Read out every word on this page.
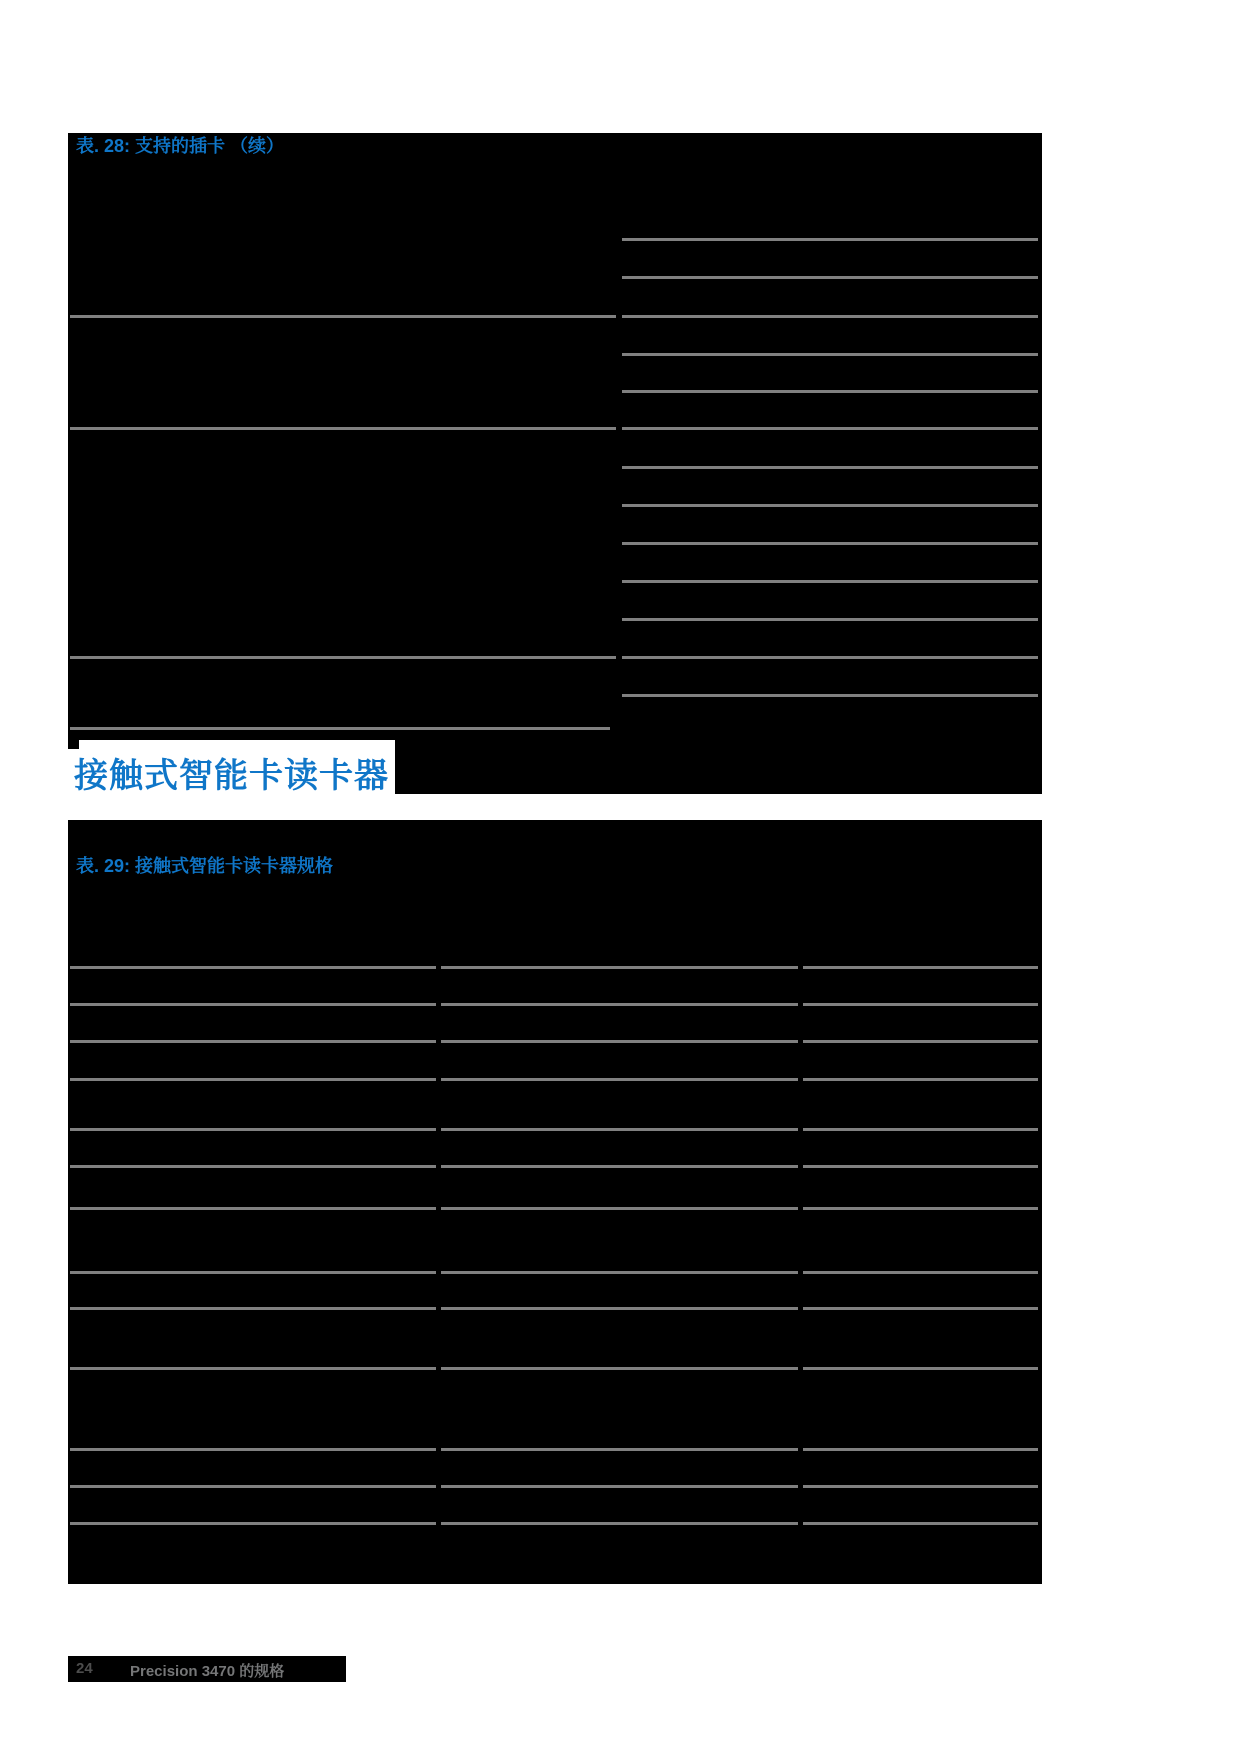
表. 28: 支持的插卡 （续）
接触式智能卡读卡器
表. 29: 接触式智能卡读卡器规格
24 Precision 3470 的规格
